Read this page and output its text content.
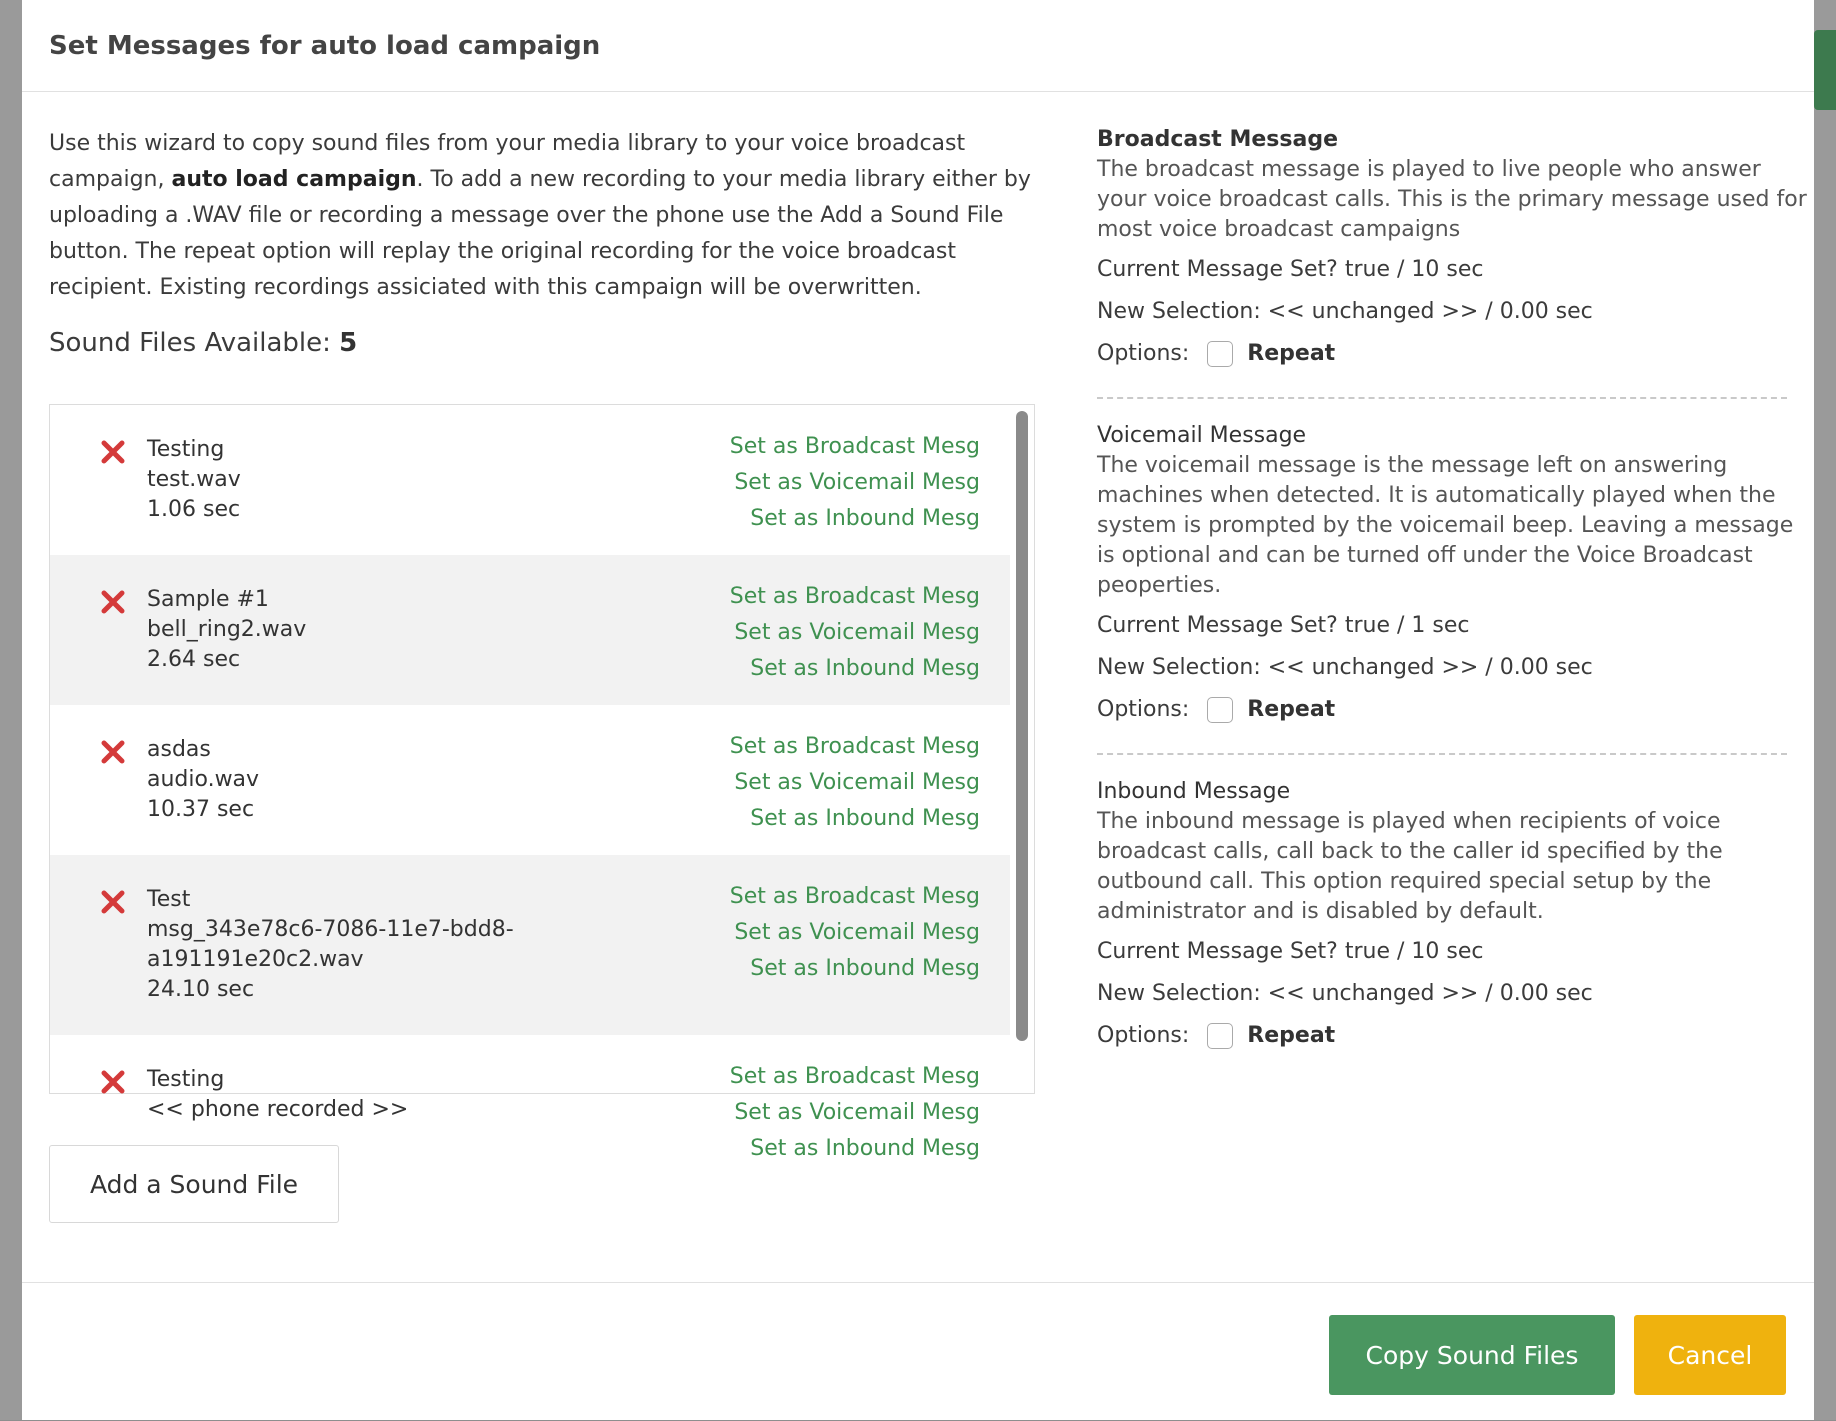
Set Messages for auto load campaign

Use this wizard to copy sound files from your media library to your voice broadcast campaign, auto load campaign. To add a new recording to your media library either by uploading a .WAV file or recording a message over the phone use the Add a Sound File button. The repeat option will replay the original recording for the voice broadcast recipient. Existing recordings assiciated with this campaign will be overwritten.

Sound Files Available: 5
Testing
test.wav
1.06 sec
Set as Broadcast Mesg
Set as Voicemail Mesg
Set as Inbound Mesg
Sample #1
bell_ring2.wav
2.64 sec
Set as Broadcast Mesg
Set as Voicemail Mesg
Set as Inbound Mesg
asdas
audio.wav
10.37 sec
Set as Broadcast Mesg
Set as Voicemail Mesg
Set as Inbound Mesg
Test
msg_343e78c6-7086-11e7-bdd8-
a191191e20c2.wav
24.10 sec
Set as Broadcast Mesg
Set as Voicemail Mesg
Set as Inbound Mesg
Testing
<< phone recorded >>
Set as Broadcast Mesg
Set as Voicemail Mesg
Set as Inbound Mesg
Add a Sound File
Broadcast Message
The broadcast message is played to live people who answer your voice broadcast calls. This is the primary message used for most voice broadcast campaigns
Current Message Set? true / 10 sec
New Selection: << unchanged >> / 0.00 sec
Options:	Repeat
Voicemail Message
The voicemail message is the message left on answering machines when detected. It is automatically played when the system is prompted by the voicemail beep. Leaving a message is optional and can be turned off under the Voice Broadcast peoperties.
Current Message Set? true / 1 sec
New Selection: << unchanged >> / 0.00 sec
Options:	Repeat
Inbound Message
The inbound message is played when recipients of voice broadcast calls, call back to the caller id specified by the outbound call. This option required special setup by the administrator and is disabled by default.
Current Message Set? true / 10 sec
New Selection: << unchanged >> / 0.00 sec
Options:	Repeat
Copy Sound Files	Cancel
